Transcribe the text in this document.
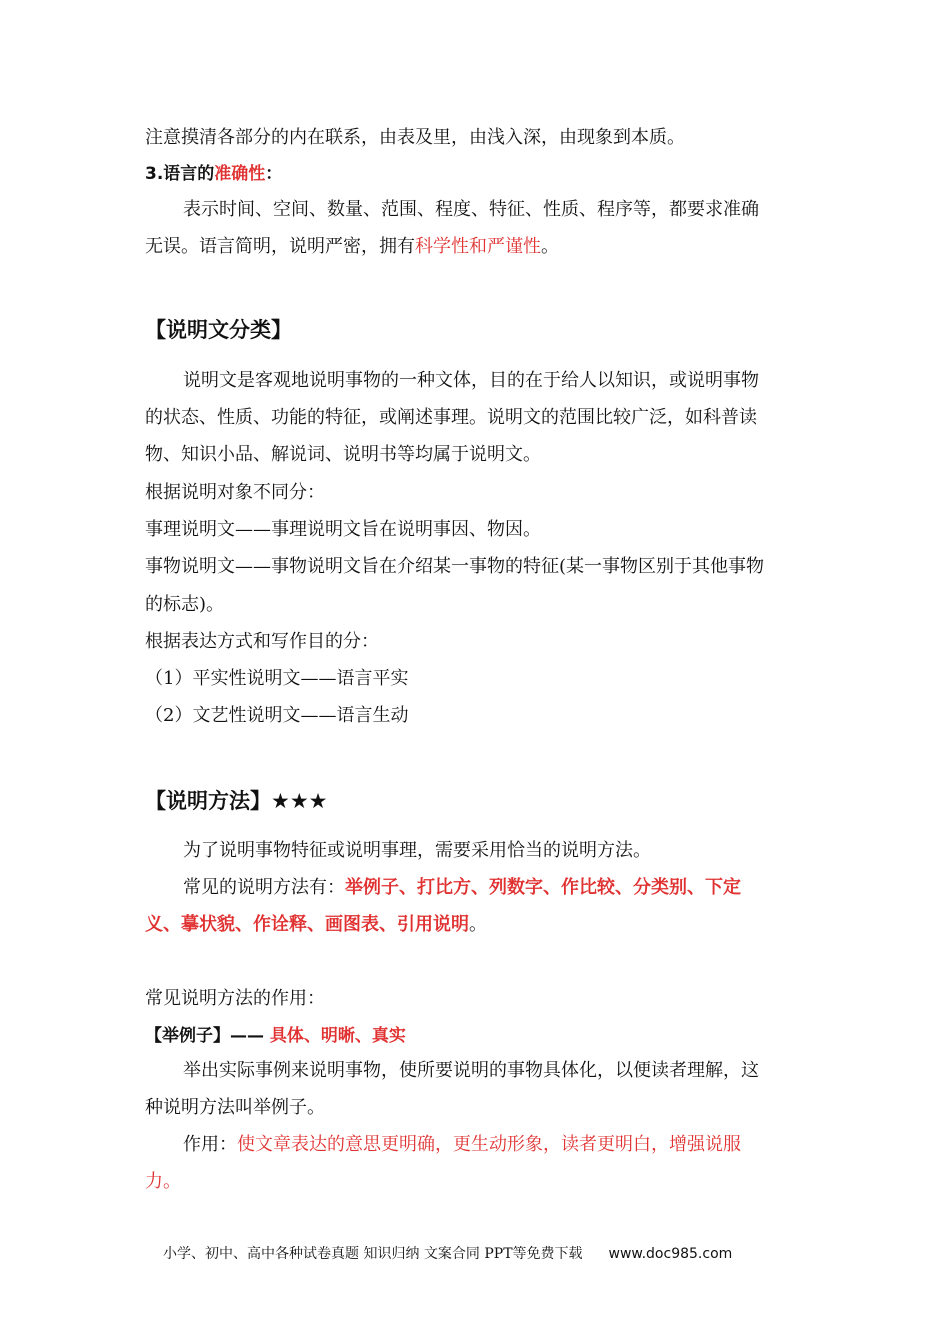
注意摸清各部分的内在联系，由表及里，由浅入深，由现象到本质。
3.语言的准确性：
表示时间、空间、数量、范围、程度、特征、性质、程序等，都要求准确
无误。语言简明，说明严密，拥有科学性和严谨性。
【说明文分类】
说明文是客观地说明事物的一种文体，目的在于给人以知识，或说明事物
的状态、性质、功能的特征，或阐述事理。说明文的范围比较广泛，如科普读
物、知识小品、解说词、说明书等均属于说明文。
根据说明对象不同分：
事理说明文——事理说明文旨在说明事因、物因。
事物说明文——事物说明文旨在介绍某一事物的特征(某一事物区别于其他事物
的标志)。
根据表达方式和写作目的分：
（1）平实性说明文——语言平实
（2）文艺性说明文——语言生动
【说明方法】★★★
为了说明事物特征或说明事理，需要采用恰当的说明方法。
常见的说明方法有：举例子、打比方、列数字、作比较、分类别、下定
义、摹状貌、作诠释、画图表、引用说明。
常见说明方法的作用：
【举例子】—— 具体、明晰、真实
举出实际事例来说明事物，使所要说明的事物具体化，以便读者理解，这
种说明方法叫举例子。
作用：使文章表达的意思更明确，更生动形象，读者更明白，增强说服
力。
小学、初中、高中各种试卷真题 知识归纳 文案合同 PPT等免费下载 www.doc985.com
